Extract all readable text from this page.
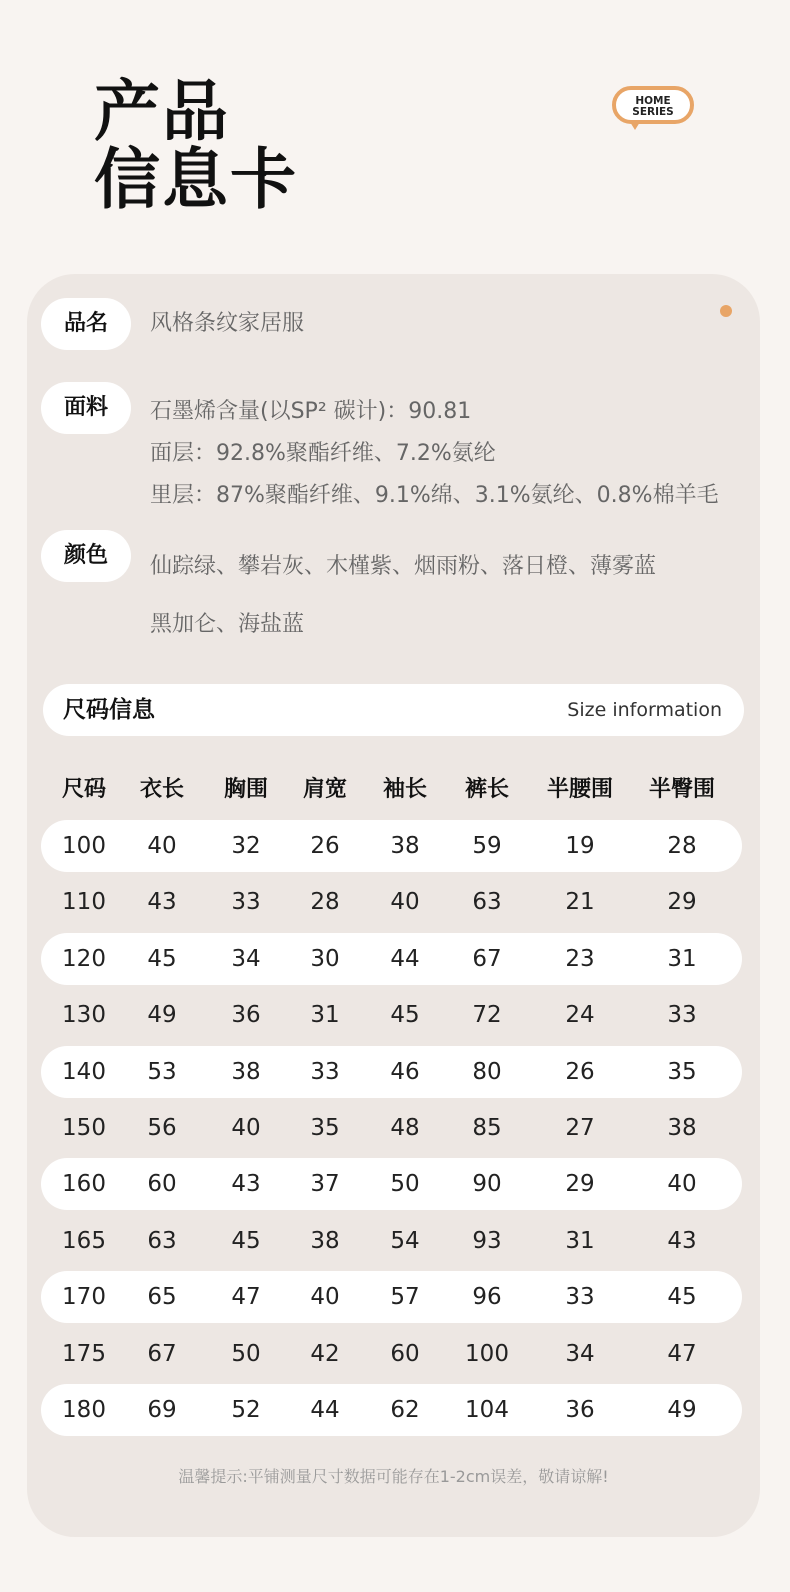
产品
信息卡
HOME
SERIES
品名	风格条纹家居服
面料	石墨烯含量(以SP² 碳计)：90.81
面层：92.8%聚酯纤维、7.2%氨纶
里层：87%聚酯纤维、9.1%绵、3.1%氨纶、0.8%棉羊毛
颜色	仙踪绿、攀岩灰、木槿紫、烟雨粉、落日橙、薄雾蓝
黑加仑、海盐蓝
尺码信息	Size information
尺码 衣长 胸围 肩宽 袖长 裤长 半腰围 半臀围
100 40 32 26 38 59	19	28
110 43 33 28 40 63	21	29
120 45 34 30 44 67	23	31
130 49 36 31 45 72	24	33
140 53 38 33 46 80	26	35
150 56 40 35 48 85	27	38
160 60 43 37 50 90	29	40
165 63 45 38 54 93	31	43
170 65 47 40 57 96	33	45
175 67 50 42 60 100 34	47
180 69 52 44 62 104 36	49
温馨提示:平铺测量尺寸数据可能存在1-2cm误差，敬请谅解!
